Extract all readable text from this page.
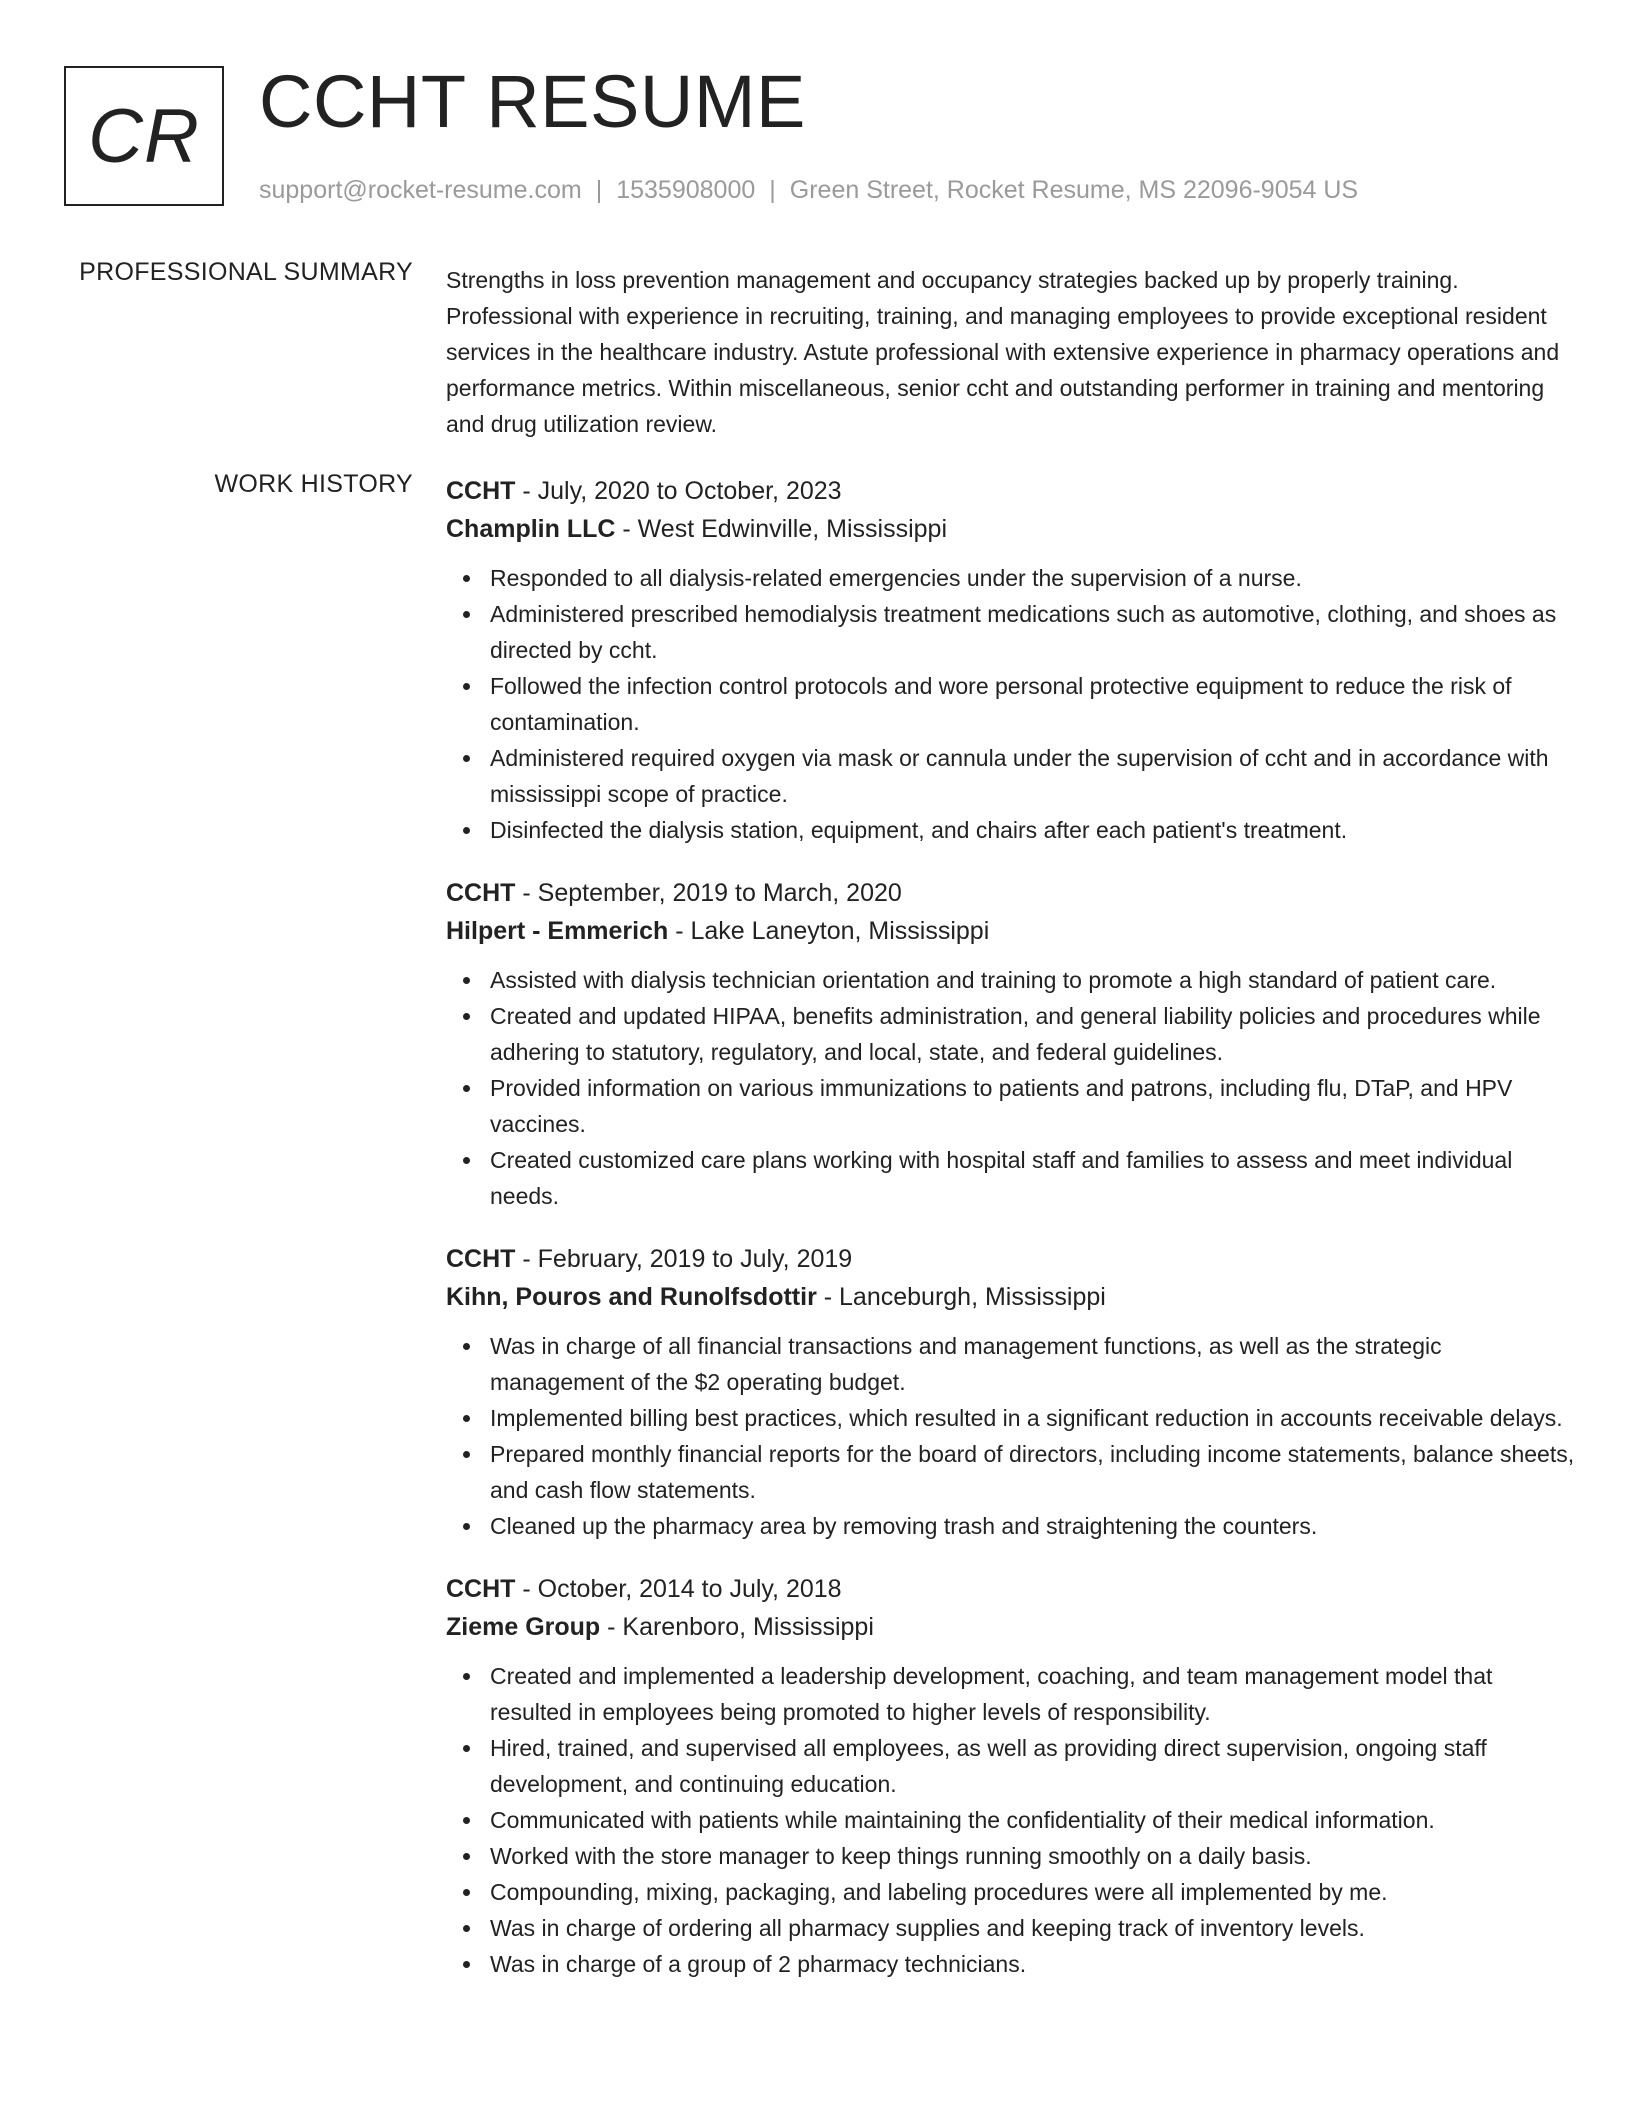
CR CCHT RESUME
support@rocket-resume.com | 1535908000 | Green Street, Rocket Resume, MS 22096-9054 US
PROFESSIONAL SUMMARY Strengths in loss prevention management and occupancy strategies backed up by properly training. Professional with experience in recruiting, training, and managing employees to provide exceptional resident services in the healthcare industry. Astute professional with extensive experience in pharmacy operations and performance metrics. Within miscellaneous, senior ccht and outstanding performer in training and mentoring and drug utilization review.
WORK HISTORY CCHT - July, 2020 to October, 2023
Champlin LLC - West Edwinville, Mississippi
Responded to all dialysis-related emergencies under the supervision of a nurse.
Administered prescribed hemodialysis treatment medications such as automotive, clothing, and shoes as directed by ccht.
Followed the infection control protocols and wore personal protective equipment to reduce the risk of contamination.
Administered required oxygen via mask or cannula under the supervision of ccht and in accordance with mississippi scope of practice.
Disinfected the dialysis station, equipment, and chairs after each patient's treatment.
CCHT - September, 2019 to March, 2020
Hilpert - Emmerich - Lake Laneyton, Mississippi
Assisted with dialysis technician orientation and training to promote a high standard of patient care.
Created and updated HIPAA, benefits administration, and general liability policies and procedures while adhering to statutory, regulatory, and local, state, and federal guidelines.
Provided information on various immunizations to patients and patrons, including flu, DTaP, and HPV vaccines.
Created customized care plans working with hospital staff and families to assess and meet individual needs.
CCHT - February, 2019 to July, 2019
Kihn, Pouros and Runolfsdottir - Lanceburgh, Mississippi
Was in charge of all financial transactions and management functions, as well as the strategic management of the $2 operating budget.
Implemented billing best practices, which resulted in a significant reduction in accounts receivable delays.
Prepared monthly financial reports for the board of directors, including income statements, balance sheets, and cash flow statements.
Cleaned up the pharmacy area by removing trash and straightening the counters.
CCHT - October, 2014 to July, 2018
Zieme Group - Karenboro, Mississippi
Created and implemented a leadership development, coaching, and team management model that resulted in employees being promoted to higher levels of responsibility.
Hired, trained, and supervised all employees, as well as providing direct supervision, ongoing staff development, and continuing education.
Communicated with patients while maintaining the confidentiality of their medical information.
Worked with the store manager to keep things running smoothly on a daily basis.
Compounding, mixing, packaging, and labeling procedures were all implemented by me.
Was in charge of ordering all pharmacy supplies and keeping track of inventory levels.
Was in charge of a group of 2 pharmacy technicians.
